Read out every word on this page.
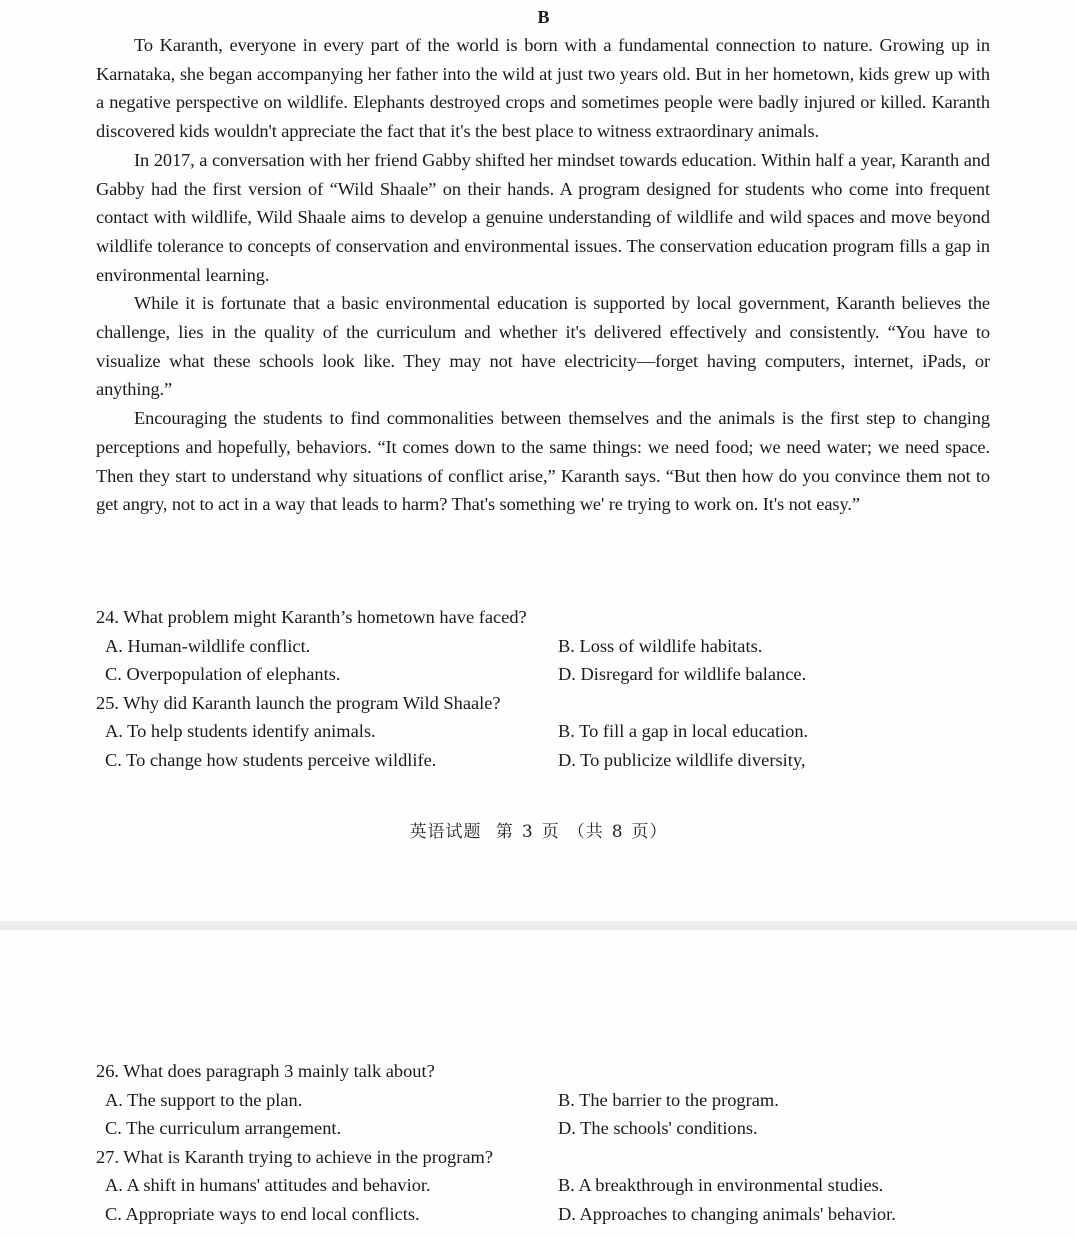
B

To Karanth, everyone in every part of the world is born with a fundamental connection to nature. Growing up in Karnataka, she began accompanying her father into the wild at just two years old. But in her hometown, kids grew up with a negative perspective on wildlife. Elephants destroyed crops and sometimes people were badly injured or killed. Karanth discovered kids wouldn't appreciate the fact that it's the best place to witness extraordinary animals.

In 2017, a conversation with her friend Gabby shifted her mindset towards education. Within half a year, Karanth and Gabby had the first version of “Wild Shaale” on their hands. A program designed for students who come into frequent contact with wildlife, Wild Shaale aims to develop a genuine understanding of wildlife and wild spaces and move beyond wildlife tolerance to concepts of conservation and environmental issues. The conservation education program fills a gap in environmental learning.

While it is fortunate that a basic environmental education is supported by local government, Karanth believes the challenge, lies in the quality of the curriculum and whether it's delivered effectively and consistently. “You have to visualize what these schools look like. They may not have electricity—forget having computers, internet, iPads, or anything.”

Encouraging the students to find commonalities between themselves and the animals is the first step to changing perceptions and hopefully, behaviors. “It comes down to the same things: we need food; we need water; we need space. Then they start to understand why situations of conflict arise,” Karanth says. “But then how do you convince them not to get angry, not to act in a way that leads to harm? That's something we' re trying to work on. It's not easy.”

24. What problem might Karanth’s hometown have faced?
A. Human-wildlife conflict.	B. Loss of wildlife habitats.
C. Overpopulation of elephants.	D. Disregard for wildlife balance.
25. Why did Karanth launch the program Wild Shaale?
A. To help students identify animals.	B. To fill a gap in local education.
C. To change how students perceive wildlife.	D. To publicize wildlife diversity,
英语试题 第 3 页 （共 8 页）
26. What does paragraph 3 mainly talk about?
A. The support to the plan.	B. The barrier to the program.
C. The curriculum arrangement.	D. The schools' conditions.
27. What is Karanth trying to achieve in the program?
A. A shift in humans' attitudes and behavior.	B. A breakthrough in environmental studies.
C. Appropriate ways to end local conflicts.	D. Approaches to changing animals' behavior.
